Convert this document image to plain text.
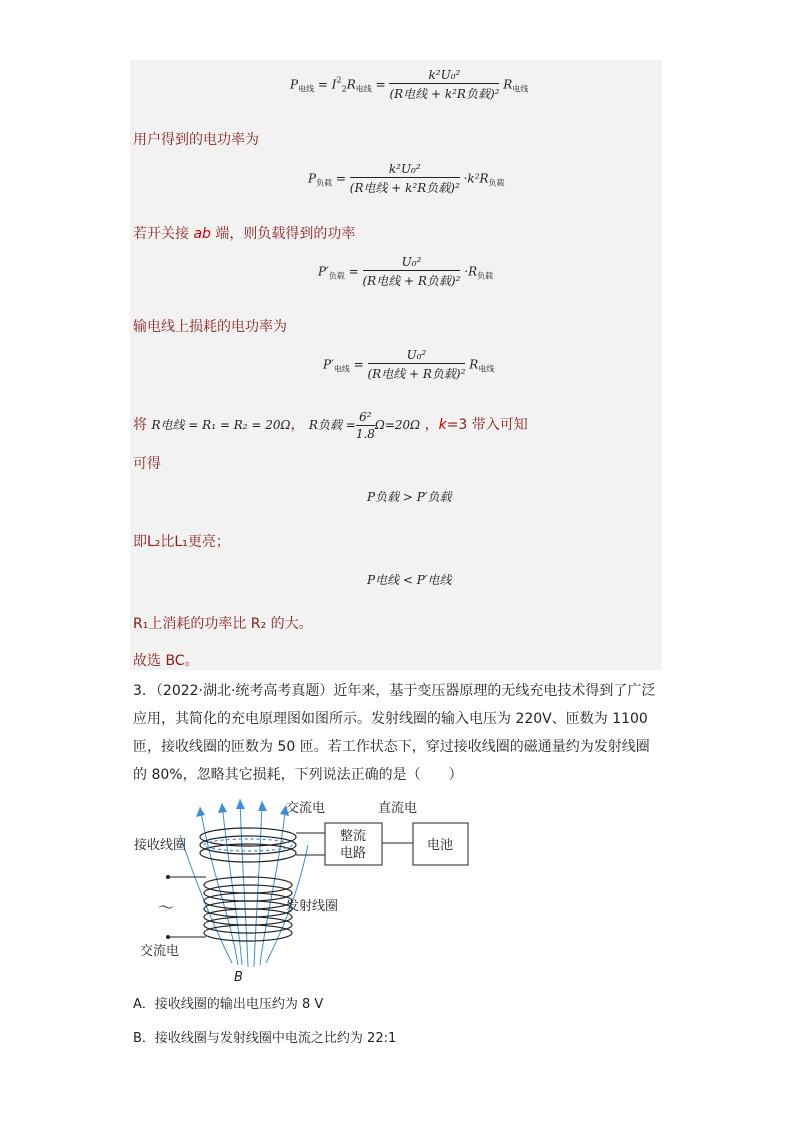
$P_{电线} = I^2_2R_{电线} = \frac{\text{k²U₀²}}{\text{(R电线 + k²R负载)²}} R_{电线}$
用户得到的电功率为
$P_{负载} = \frac{\text{k²U₀²}}{\text{(R电线 + k²R负载)²}} \cdot k^2R_{负载}$
若开关接 ab 端，则负载得到的功率
$P'_{负载} = \frac{\text{U₀²}}{\text{(R电线 + R负载)²}} \cdot R_{负载}$
输电线上损耗的电功率为
$P'_{电线} = \frac{\text{U₀²}}{\text{(R电线 + R负载)²}} R_{电线}$
将 R电线 = R₁ = R₂ = 20Ω， R负载 = $\frac{\text{6²}}{1.8} \Omega=20\Omega$ ，k=3 带入可知
可得
P负载 > P′负载
即L₂比L₁更亮；
P电线 < P′电线
R₁上消耗的功率比 R₂ 的大。
故选 BC。
3．（2022·湖北·统考高考真题）近年来，基于变压器原理的无线充电技术得到了广泛应用，其简化的充电原理图如图所示。发射线圈的输入电压为 220V、匝数为 1100 匝，接收线圈的匝数为 50 匝。若工作状态下，穿过接收线圈的磁通量约为发射线圈的 80%，忽略其它损耗，下列说法正确的是（　　）
交流电	直流电
整流
电路
电池
接收线圈
发射线圈
～
交流电
B
A．接收线圈的输出电压约为 8 V
B．接收线圈与发射线圈中电流之比约为 22:1
